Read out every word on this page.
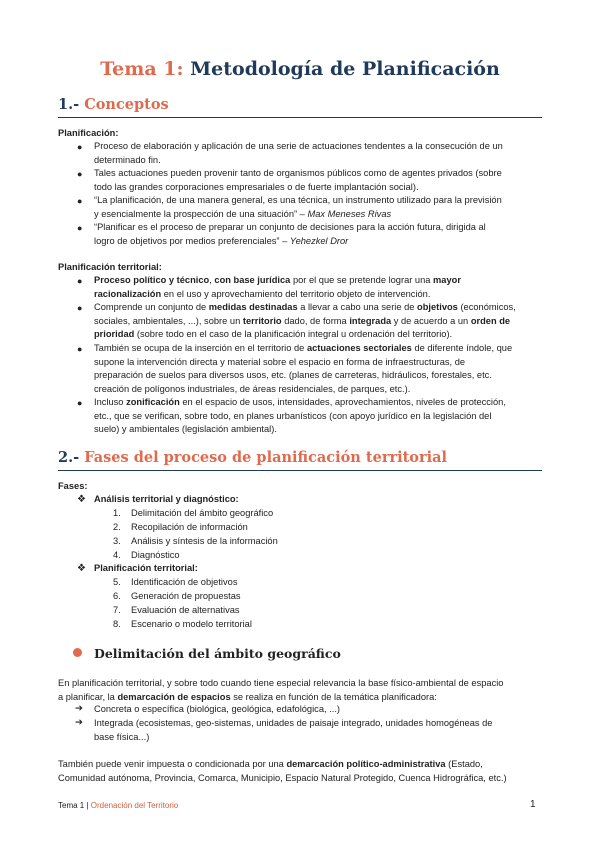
Tema 1: Metodología de Planificación
1.- Conceptos
Planificación:
● Proceso de elaboración y aplicación de una serie de actuaciones tendentes a la consecución de un
determinado fin.
● Tales actuaciones pueden provenir tanto de organismos públicos como de agentes privados (sobre
todo las grandes corporaciones empresariales o de fuerte implantación social).
● “La planificación, de una manera general, es una técnica, un instrumento utilizado para la previsión
y esencialmente la prospección de una situación” – Max Meneses Rivas
● “Planificar es el proceso de preparar un conjunto de decisiones para la acción futura, dirigida al
logro de objetivos por medios preferenciales” – Yehezkel Dror
Planificación territorial:
● Proceso político y técnico, con base jurídica por el que se pretende lograr una mayor
racionalización en el uso y aprovechamiento del territorio objeto de intervención.
● Comprende un conjunto de medidas destinadas a llevar a cabo una serie de objetivos (económicos,
sociales, ambientales, ...), sobre un territorio dado, de forma integrada y de acuerdo a un orden de
prioridad (sobre todo en el caso de la planificación integral u ordenación del territorio).
● También se ocupa de la inserción en el territorio de actuaciones sectoriales de diferente índole, que
supone la intervención directa y material sobre el espacio en forma de infraestructuras, de
preparación de suelos para diversos usos, etc. (planes de carreteras, hidráulicos, forestales, etc.
creación de polígonos industriales, de áreas residenciales, de parques, etc.).
● Incluso zonificación en el espacio de usos, intensidades, aprovechamientos, niveles de protección,
etc., que se verifican, sobre todo, en planes urbanísticos (con apoyo jurídico en la legislación del
suelo) y ambientales (legislación ambiental).
2.- Fases del proceso de planificación territorial
Fases:
❖ Análisis territorial y diagnóstico:
1.	Delimitación del ámbito geográfico
2.	Recopilación de información
3.	Análisis y síntesis de la información
4.	Diagnóstico
❖ Planificación territorial:
5.	Identificación de objetivos
6.	Generación de propuestas
7.	Evaluación de alternativas
8.	Escenario o modelo territorial
Delimitación del ámbito geográfico
En planificación territorial, y sobre todo cuando tiene especial relevancia la base físico-ambiental de espacio
a planificar, la demarcación de espacios se realiza en función de la temática planificadora:
➔ Concreta o específica (biológica, geológica, edafológica, ...)
➔ Integrada (ecosistemas, geo-sistemas, unidades de paisaje integrado, unidades homogéneas de
base física...)
También puede venir impuesta o condicionada por una demarcación político-administrativa (Estado,
Comunidad autónoma, Provincia, Comarca, Municipio, Espacio Natural Protegido, Cuenca Hidrográfica, etc.)
Tema 1 | Ordenación del Territorio	1
